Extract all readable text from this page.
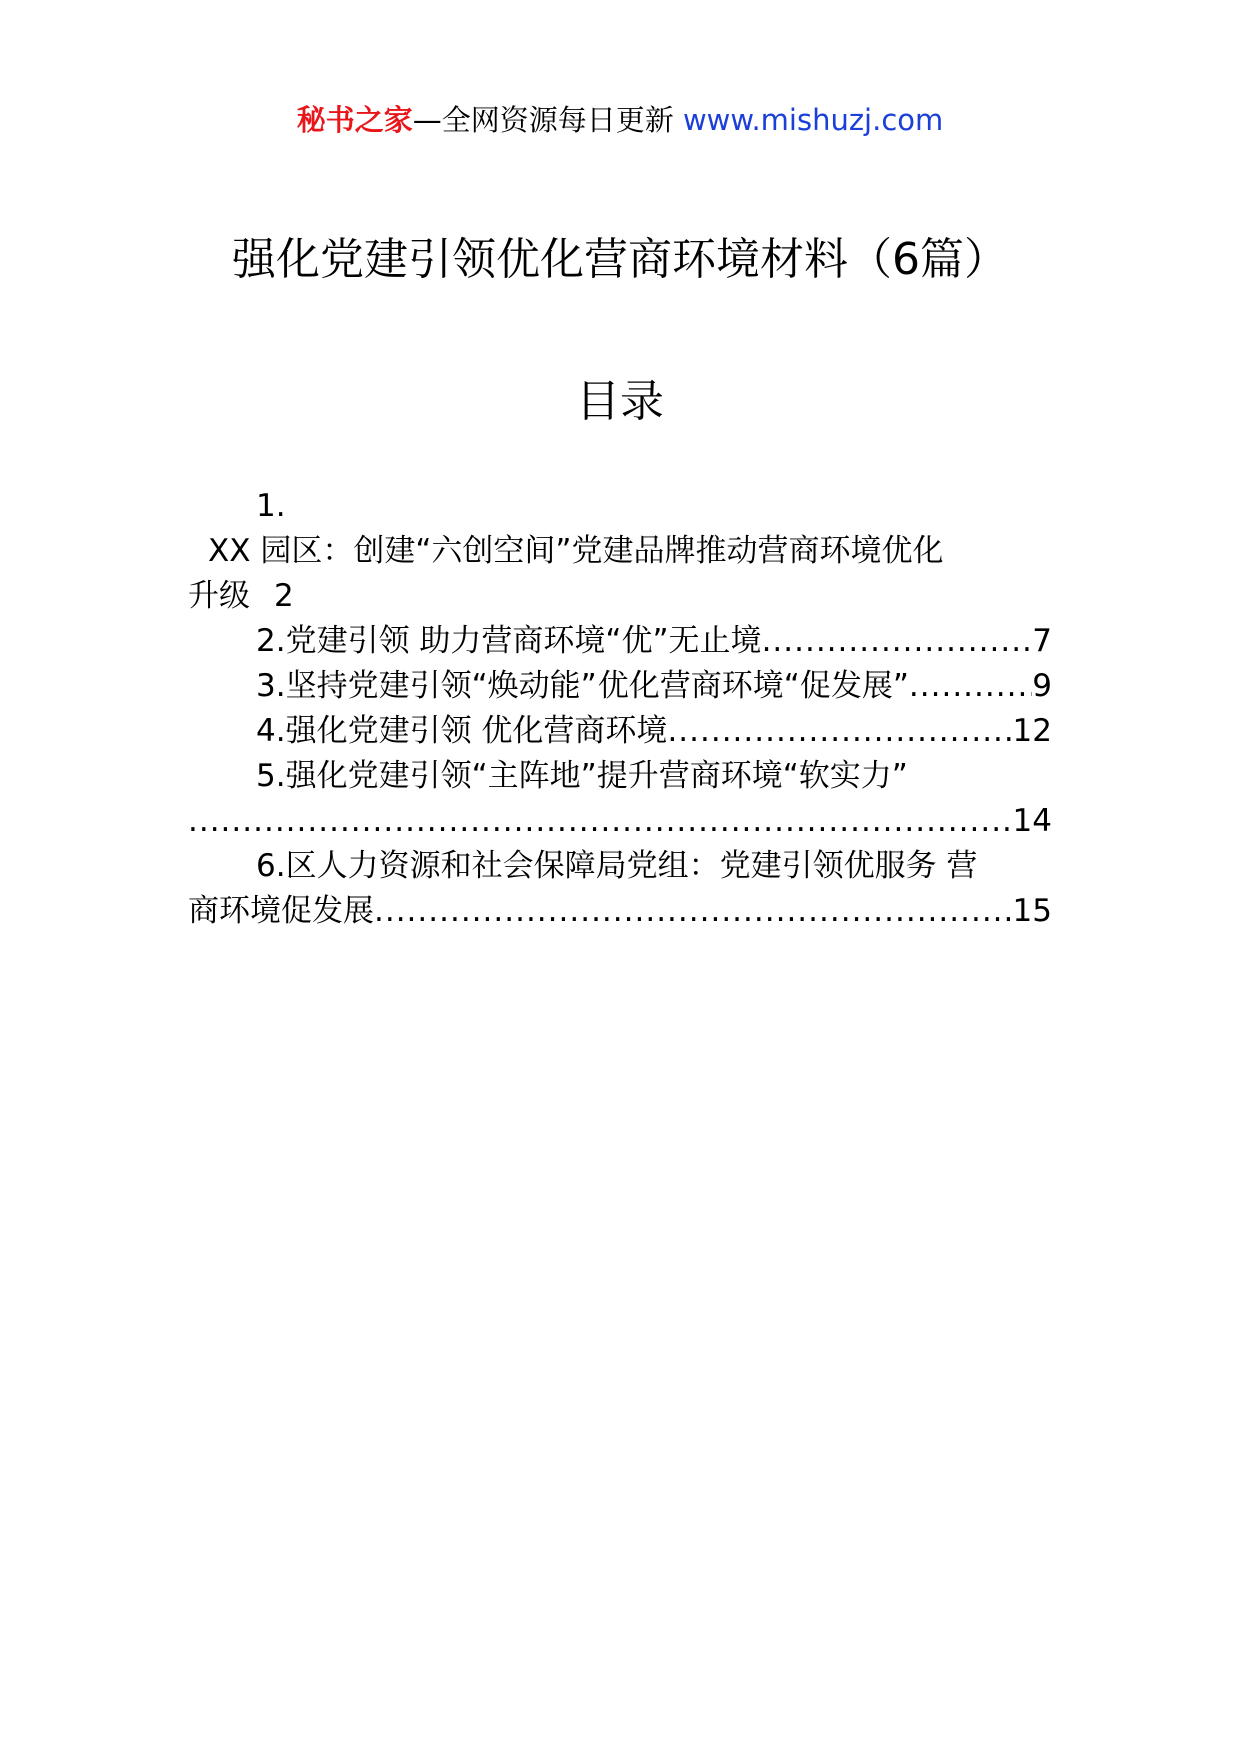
秘书之家—全网资源每日更新 www.mishuzj.com
强化党建引领优化营商环境材料（6篇）
目录
1.
XX 园区：创建“六创空间”党建品牌推动营商环境优化
升级 2
2. 党建引领 助力营商环境“优”无止境 .....	7
3. 坚持党建引领“焕动能” 优化营商环境“促发展” .....	9
4. 强化党建引领 优化营商环境 .....	12
5. 强化党建引领“主阵地”提升营商环境“软实力”
.....
14
6. 区人力资源和社会保障局党组：党建引领优服务 营
商环境促发展 .....	15
